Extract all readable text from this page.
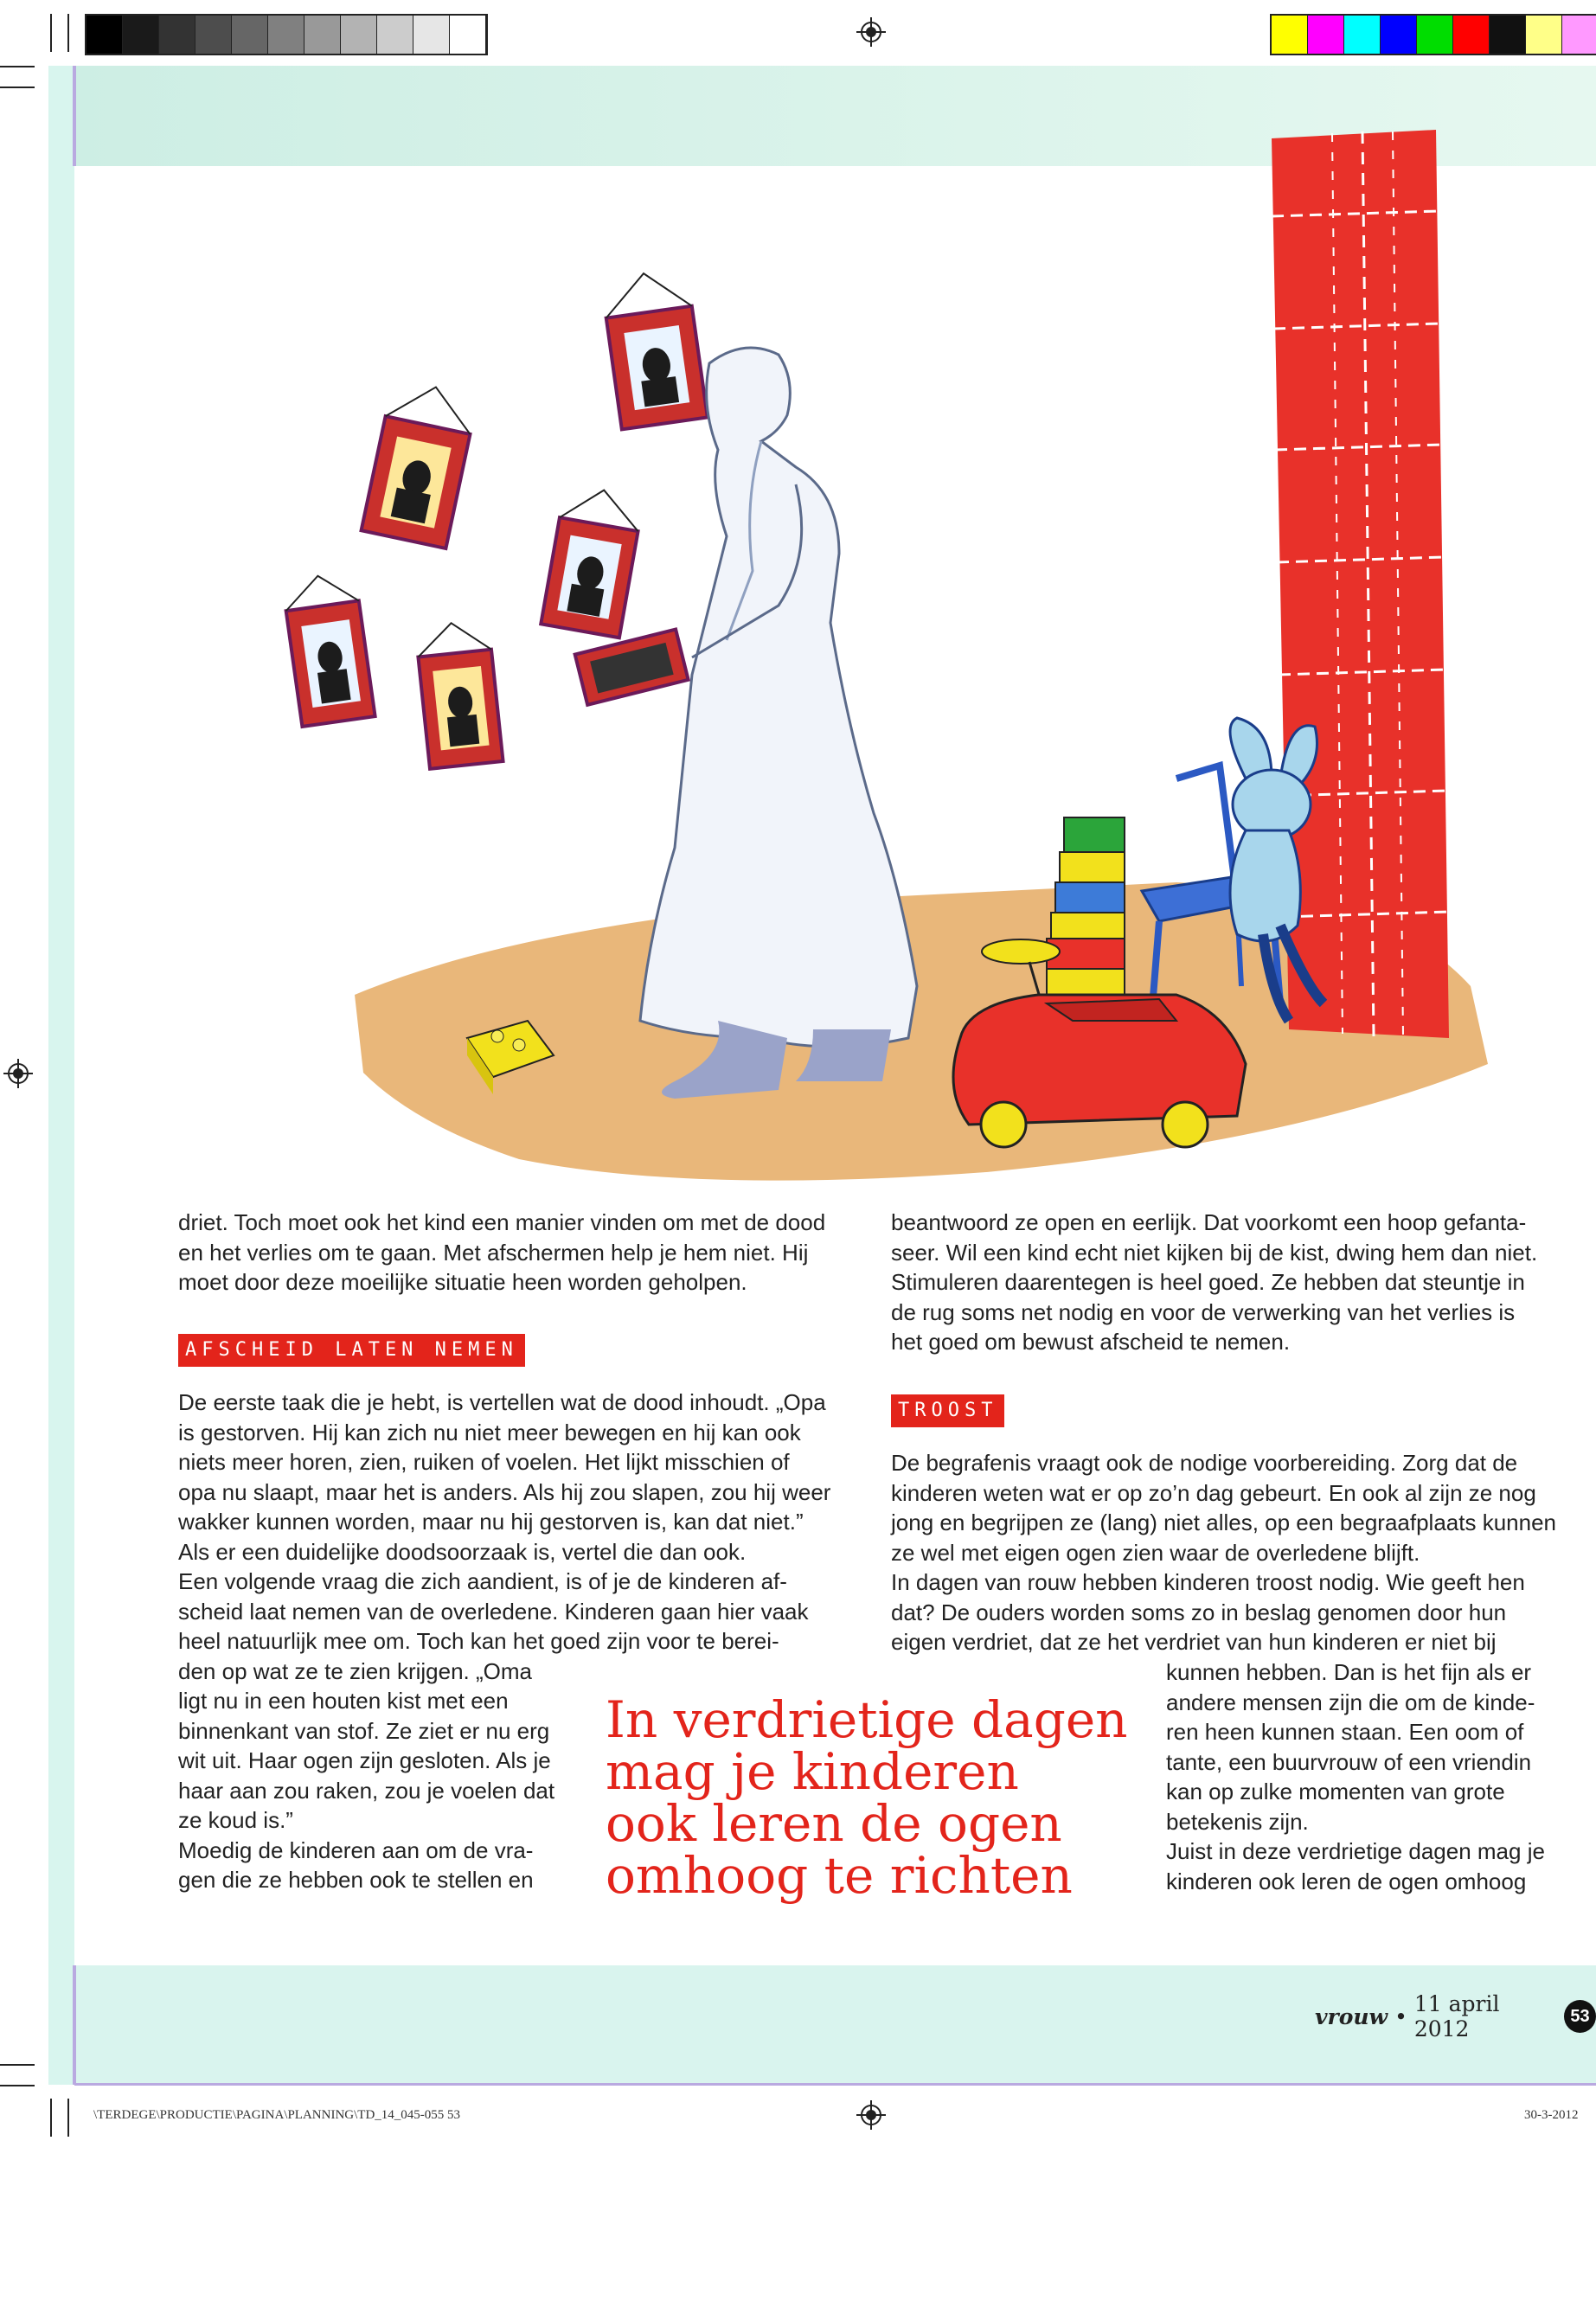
driet. Toch moet ook het kind een manier vinden om met de dood

en het verlies om te gaan. Met afschermen help je hem niet. Hij

moet door deze moeilijke situatie heen worden geholpen.

AFSCHEID LATEN NEMEN

De eerste taak die je hebt, is vertellen wat de dood inhoudt. „Opa

is gestorven. Hij kan zich nu niet meer bewegen en hij kan ook

niets meer horen, zien, ruiken of voelen. Het lijkt misschien of

opa nu slaapt, maar het is anders. Als hij zou slapen, zou hij weer

wakker kunnen worden, maar nu hij gestorven is, kan dat niet.”

Als er een duidelijke doodsoorzaak is, vertel die dan ook.

Een volgende vraag die zich aandient, is of je de kinderen af-

scheid laat nemen van de overledene. Kinderen gaan hier vaak

heel natuurlijk mee om. Toch kan het goed zijn voor te berei-

den op wat ze te zien krijgen. „Oma

ligt nu in een houten kist met een

binnenkant van stof. Ze ziet er nu erg

wit uit. Haar ogen zijn gesloten. Als je

haar aan zou raken, zou je voelen dat

ze koud is.”

Moedig de kinderen aan om de vra-

gen die ze hebben ook te stellen en

beantwoord ze open en eerlijk. Dat voorkomt een hoop gefanta-

seer. Wil een kind echt niet kijken bij de kist, dwing hem dan niet.

Stimuleren daarentegen is heel goed. Ze hebben dat steuntje in

de rug soms net nodig en voor de verwerking van het verlies is

het goed om bewust afscheid te nemen.

TROOST

De begrafenis vraagt ook de nodige voorbereiding. Zorg dat de

kinderen weten wat er op zo’n dag gebeurt. En ook al zijn ze nog

jong en begrijpen ze (lang) niet alles, op een begraafplaats kunnen

ze wel met eigen ogen zien waar de overledene blijft.

In dagen van rouw hebben kinderen troost nodig. Wie geeft hen

dat? De ouders worden soms zo in beslag genomen door hun

eigen verdriet, dat ze het verdriet van hun kinderen er niet bij

kunnen hebben. Dan is het fijn als er

andere mensen zijn die om de kinde-

ren heen kunnen staan. Een oom of

tante, een buurvrouw of een vriendin

kan op zulke momenten van grote

betekenis zijn.

Juist in deze verdrietige dagen mag je

kinderen ook leren de ogen omhoog

In verdrietige dagen
mag je kinderen
ook leren de ogen
omhoog te richten
vrouw • 11 april 2012
53
\TERDEGE\PRODUCTIE\PAGINA\PLANNING\TD_14_045-055 53	30-3-2012
